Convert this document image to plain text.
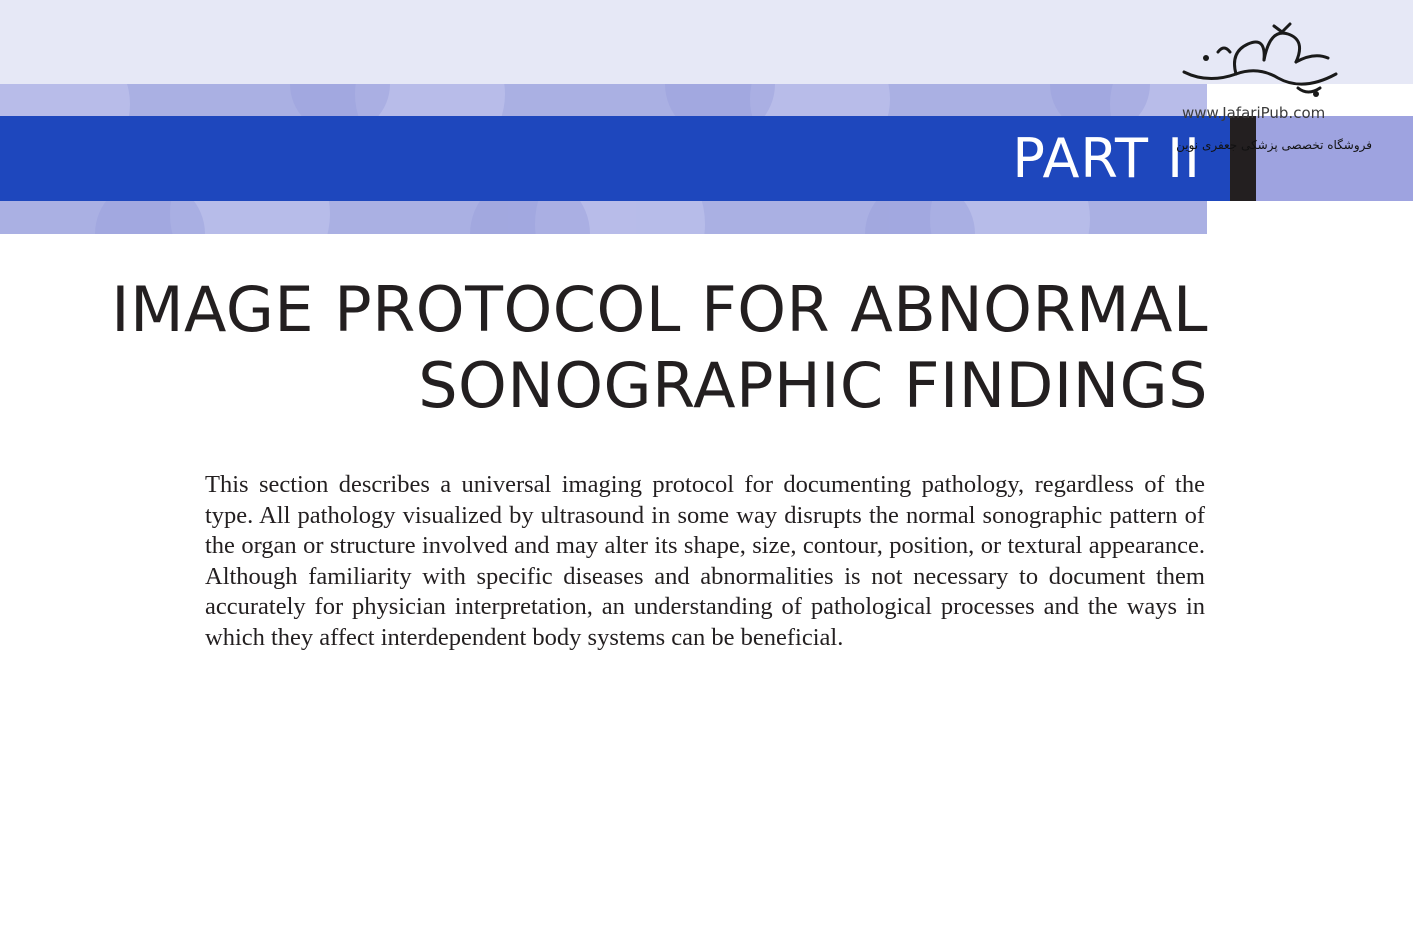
PART II
www.JafariPub.com
فروشگاه تخصصی پزشکی جعفری نوین
IMAGE PROTOCOL FOR ABNORMAL
SONOGRAPHIC FINDINGS

This section describes a universal imaging protocol for documenting pathology, regardless of the type. All pathology visualized by ultrasound in some way disrupts the normal sonographic pattern of the organ or structure involved and may alter its shape, size, contour, position, or textural appearance. Although familiarity with specific diseases and abnormalities is not necessary to document them accurately for physician interpretation, an understanding of pathological processes and the ways in which they affect interdependent body systems can be beneficial.
